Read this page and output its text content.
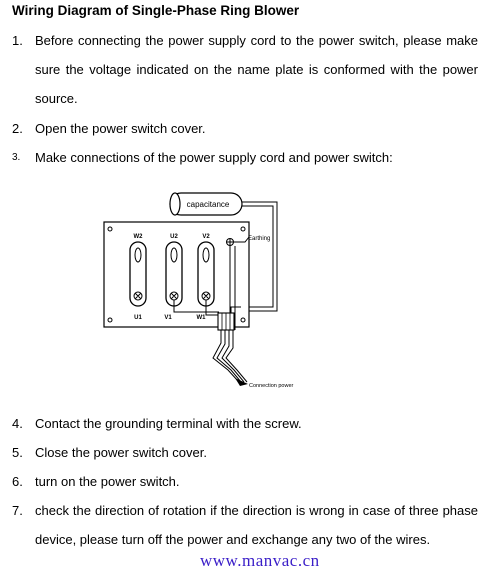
Wiring Diagram of Single-Phase Ring Blower
1. Before connecting the power supply cord to the power switch, please make sure the voltage indicated on the name plate is conformed with the power source.
2. Open the power switch cover.
3. Make connections of the power supply cord and power switch:
capacitance
W2	U2	V2
U1	V1	W1
Earthing
Connection power
4. Contact the grounding terminal with the screw.
5. Close the power switch cover.
6. turn on the power switch.
7. check the direction of rotation if the direction is wrong in case of three phase device, please turn off the power and exchange any two of the wires.
www.manvac.cn
